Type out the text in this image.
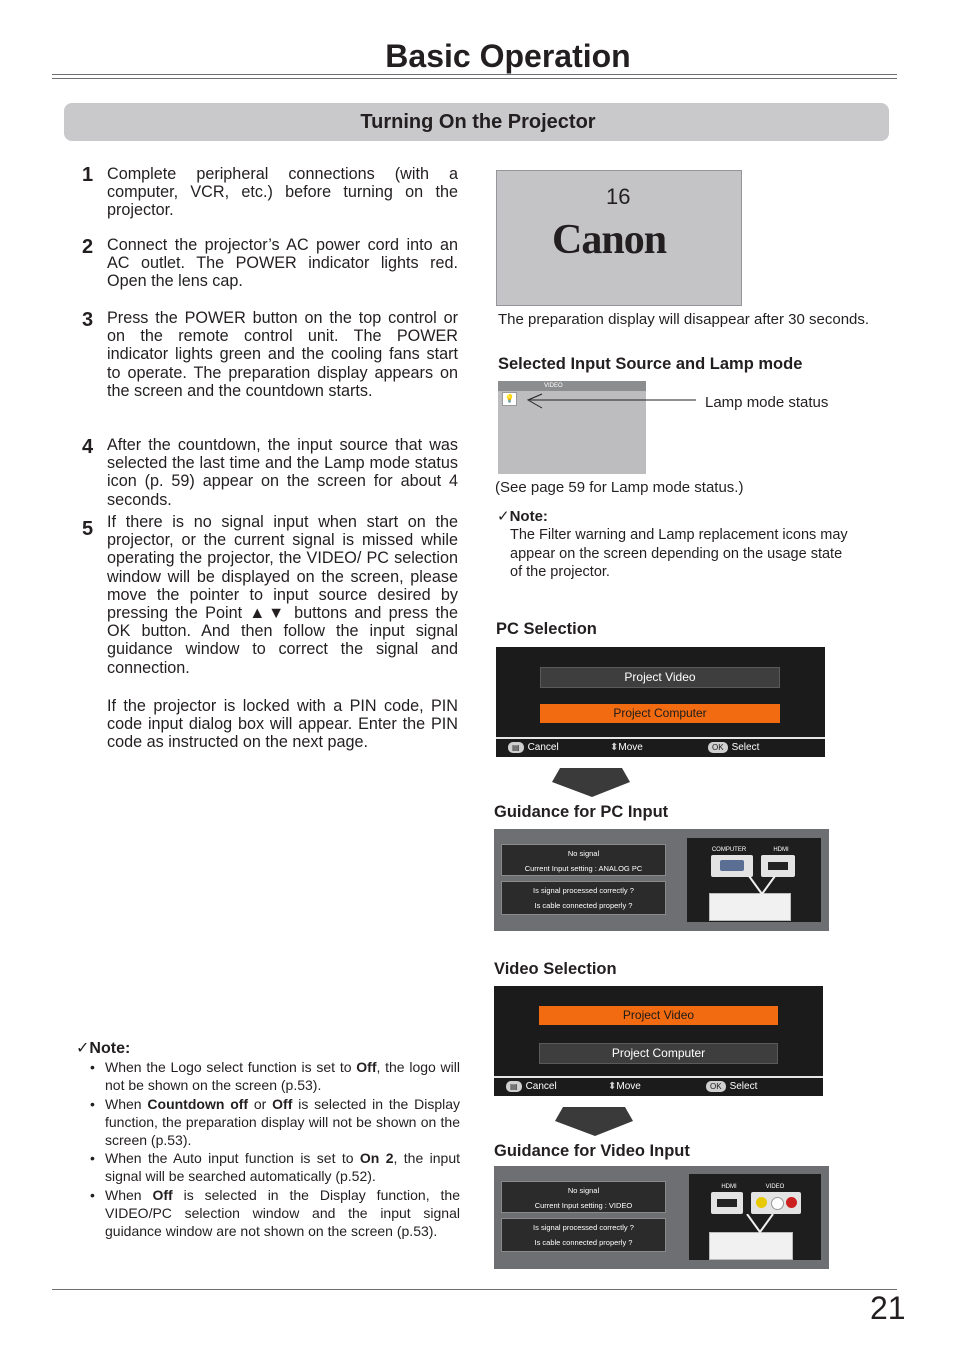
Basic Operation
Turning On the Projector
1 Complete peripheral connections (with a computer, VCR, etc.) before turning on the projector.
2 Connect the projector’s AC power cord into an AC outlet. The POWER indicator lights red. Open the lens cap.
3 Press the POWER button on the top control or on the remote control unit. The POWER indicator lights green and the cooling fans start to operate. The preparation display appears on the screen and the countdown starts.
4 After the countdown, the input source that was selected the last time and the Lamp mode status icon (p. 59) appear on the screen for about 4 seconds.
5 If there is no signal input when start on the projector, or the current signal is missed while operating the projector, the VIDEO/ PC selection window will be displayed on the screen, please move the pointer to input source desired by pressing the Point ▲▼ buttons and press the OK button. And then follow the input signal guidance window to correct the signal and connection.
If the projector is locked with a PIN code, PIN code input dialog box will appear. Enter the PIN code as instructed on the next page.
✓Note:
• When the Logo select function is set to Off, the logo will not be shown on the screen (p.53).
• When Countdown off or Off is selected in the Display function, the preparation display will not be shown on the screen (p.53).
• When the Auto input function is set to On 2, the input signal will be searched automatically (p.52).
• When Off is selected in the Display function, the VIDEO/PC selection window and the input signal guidance window are not shown on the screen (p.53).
16
Canon
The preparation display will disappear after 30 seconds.
Selected Input Source and Lamp mode
VIDEO
💡	Lamp mode status
(See page 59 for Lamp mode status.)
✓Note:
The Filter warning and Lamp replacement icons may appear on the screen depending on the usage state of the projector.
PC Selection
Project Video
Project Computer
▤ Cancel	⬍Move	OK Select
Guidance for PC Input
No signal
Current Input setting : ANALOG PC
Is signal processed correctly ?
Is cable connected properly ?
COMPUTER	HDMI
Video Selection
Project Video
Project Computer
▤ Cancel	⬍Move	OK Select
Guidance for Video Input
No signal
Current Input setting : VIDEO
Is signal processed correctly ?
Is cable connected properly ?
HDMI	VIDEO
21
